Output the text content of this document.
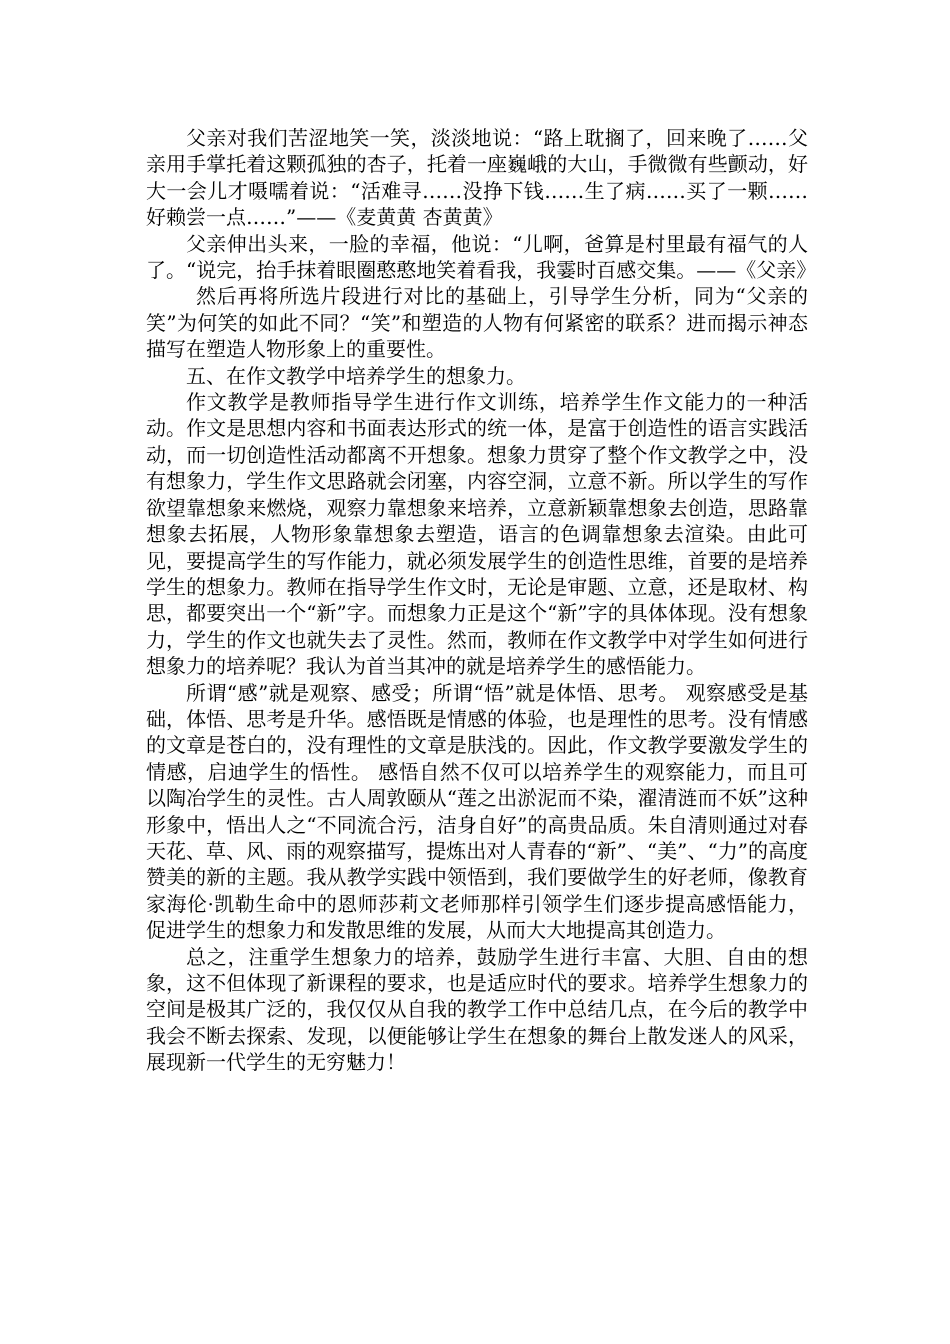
父亲对我们苦涩地笑一笑，淡淡地说：“路上耽搁了，回来晚了……父亲用手掌托着这颗孤独的杏子，托着一座巍峨的大山，手微微有些颤动，好大一会儿才嗫嚅着说：“活难寻……没挣下钱……生了病……买了一颗……好赖尝一点……”——《麦黄黄 杏黄黄》

父亲伸出头来，一脸的幸福，他说：“儿啊，爸算是村里最有福气的人了。“说完，抬手抹着眼圈憨憨地笑着看我，我霎时百感交集。——《父亲》

然后再将所选片段进行对比的基础上，引导学生分析，同为“父亲的笑”为何笑的如此不同？“笑”和塑造的人物有何紧密的联系？进而揭示神态描写在塑造人物形象上的重要性。

五、在作文教学中培养学生的想象力。

作文教学是教师指导学生进行作文训练，培养学生作文能力的一种活动。作文是思想内容和书面表达形式的统一体，是富于创造性的语言实践活动，而一切创造性活动都离不开想象。想象力贯穿了整个作文教学之中，没有想象力，学生作文思路就会闭塞，内容空洞，立意不新。所以学生的写作欲望靠想象来燃烧，观察力靠想象来培养，立意新颖靠想象去创造，思路靠想象去拓展，人物形象靠想象去塑造，语言的色调靠想象去渲染。由此可见，要提高学生的写作能力，就必须发展学生的创造性思维，首要的是培养学生的想象力。教师在指导学生作文时，无论是审题、立意，还是取材、构思，都要突出一个“新”字。而想象力正是这个“新”字的具体体现。没有想象力，学生的作文也就失去了灵性。然而，教师在作文教学中对学生如何进行想象力的培养呢？我认为首当其冲的就是培养学生的感悟能力。

所谓“感”就是观察、感受；所谓“悟”就是体悟、思考。 观察感受是基础，体悟、思考是升华。感悟既是情感的体验，也是理性的思考。没有情感的文章是苍白的，没有理性的文章是肤浅的。因此，作文教学要激发学生的情感，启迪学生的悟性。 感悟自然不仅可以培养学生的观察能力，而且可以陶冶学生的灵性。古人周敦颐从“莲之出淤泥而不染，濯清涟而不妖”这种形象中，悟出人之“不同流合污，洁身自好”的高贵品质。朱自清则通过对春天花、草、风、雨的观察描写，提炼出对人青春的“新”、“美”、“力”的高度赞美的新的主题。我从教学实践中领悟到，我们要做学生的好老师，像教育家海伦·凯勒生命中的恩师莎莉文老师那样引领学生们逐步提高感悟能力，促进学生的想象力和发散思维的发展，从而大大地提高其创造力。

总之，注重学生想象力的培养，鼓励学生进行丰富、大胆、自由的想象，这不但体现了新课程的要求，也是适应时代的要求。培养学生想象力的空间是极其广泛的，我仅仅从自我的教学工作中总结几点，在今后的教学中我会不断去探索、发现，以便能够让学生在想象的舞台上散发迷人的风采，展现新一代学生的无穷魅力！
